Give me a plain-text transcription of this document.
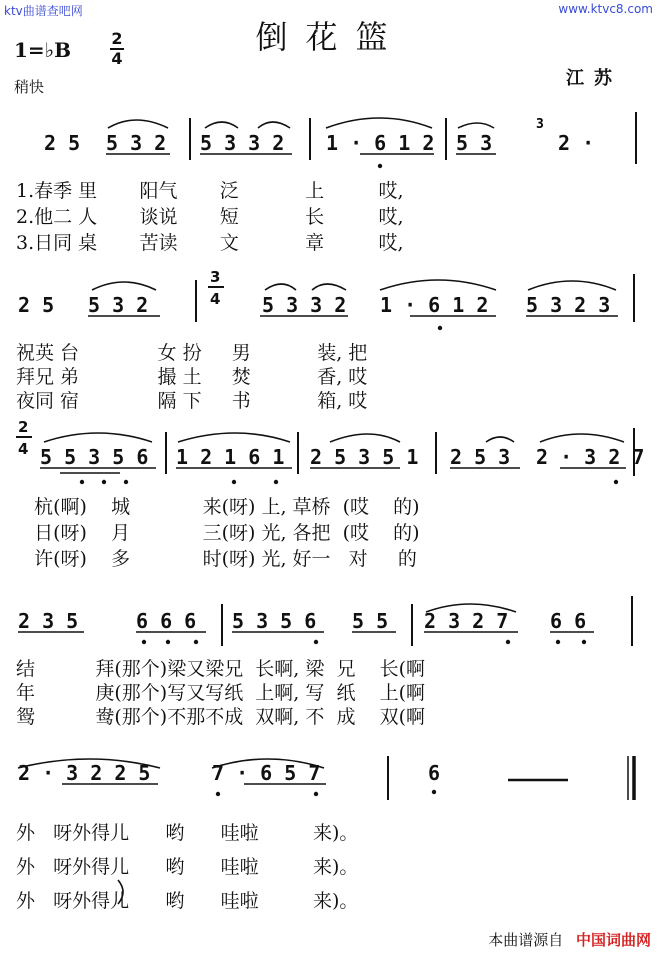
ktv曲谱查吧网	www.ktvc8.com
倒花篮
1=♭B	2
4
稍快	江苏
2 5 5 3 2 5 3 3 2 1 · 6 1 2 5 3	2 ·
3
2 5 5 3 2	5 3 3 2 1 · 6 1 2 5 3 2 3
3
4
5 5 3 5 6 1 2 1 6 1 2 5 3 5 1 2 5 3 2 · 3 2 7
2
4
2 3 5	6 6 6 5 3 5 6 5 5 2 3 2 7 6 6
2 · 3 2 2 5	7 · 6 5 7	6	—
1.春季 里       阳气       泛           上         哎,
2.他二 人       谈说       短           长         哎,
3.日同 桌       苦读       文           章         哎,
祝英 台             女 扮     男           装, 把
拜兄 弟             撮 土     焚           香, 哎
夜同 宿             隔 下     书           箱, 哎
杭(啊)    城            来(呀) 上, 草桥  (哎    的)
日(呀)    月            三(呀) 光, 各把  (哎    的)
许(呀)    多            时(呀) 光, 好一   对     的
结          拜(那个)梁又梁兄  长啊, 梁  兄    长(啊
年          庚(那个)写又写纸  上啊, 写  纸    上(啊
鸳          鸯(那个)不那不成  双啊, 不  成    双(啊
外   呀外得儿      哟      哇啦         来)。
外   呀外得儿      哟      哇啦         来)。
外   呀外得儿      哟      哇啦         来)。
本曲谱源自 中国词曲网
